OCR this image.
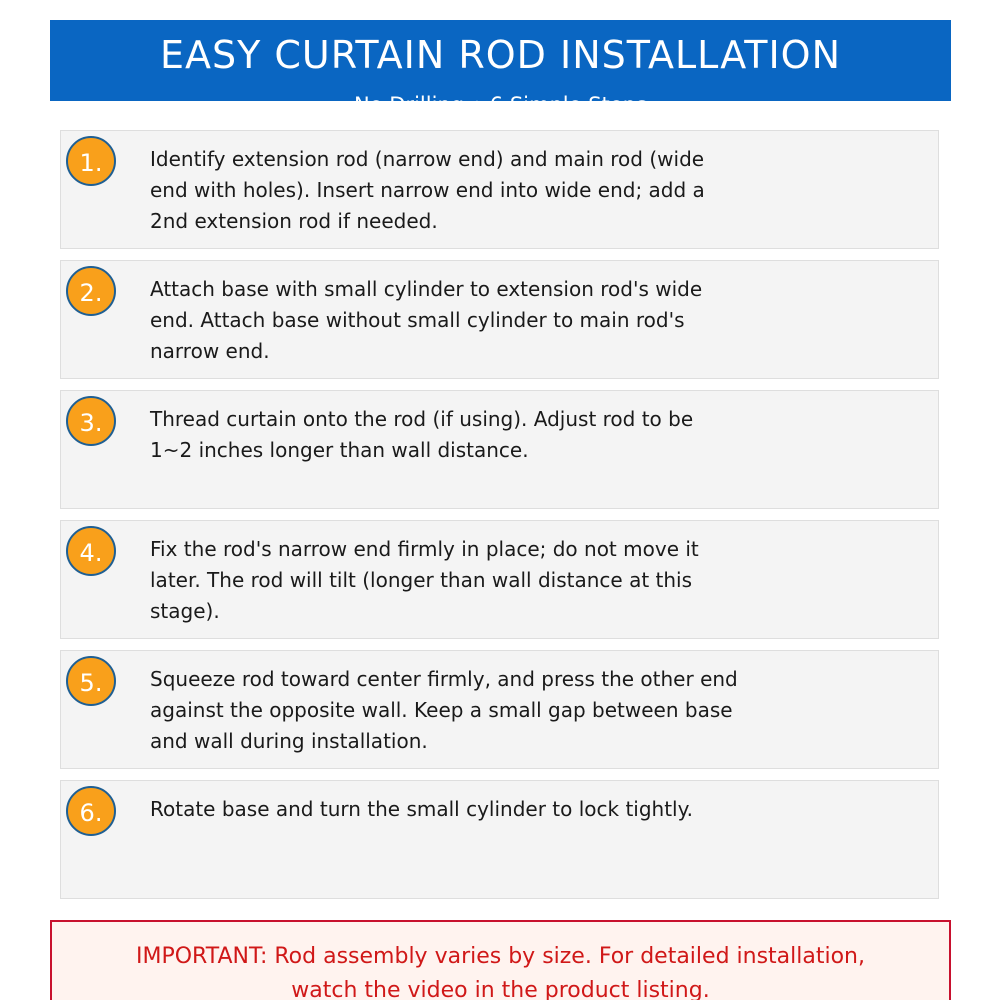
EASY CURTAIN ROD INSTALLATION
No Drilling • 6 Simple Steps
1.	Identify extension rod (narrow end) and main rod (wide end with holes). Insert narrow end into wide end; add a 2nd extension rod if needed.
2.	Attach base with small cylinder to extension rod's wide end. Attach base without small cylinder to main rod's narrow end.
3.	Thread curtain onto the rod (if using). Adjust rod to be 1~2 inches longer than wall distance.
4.	Fix the rod's narrow end firmly in place; do not move it later. The rod will tilt (longer than wall distance at this stage).
5.	Squeeze rod toward center firmly, and press the other end against the opposite wall. Keep a small gap between base and wall during installation.
6.	Rotate base and turn the small cylinder to lock tightly.
IMPORTANT: Rod assembly varies by size. For detailed installation, watch the video in the product listing.
